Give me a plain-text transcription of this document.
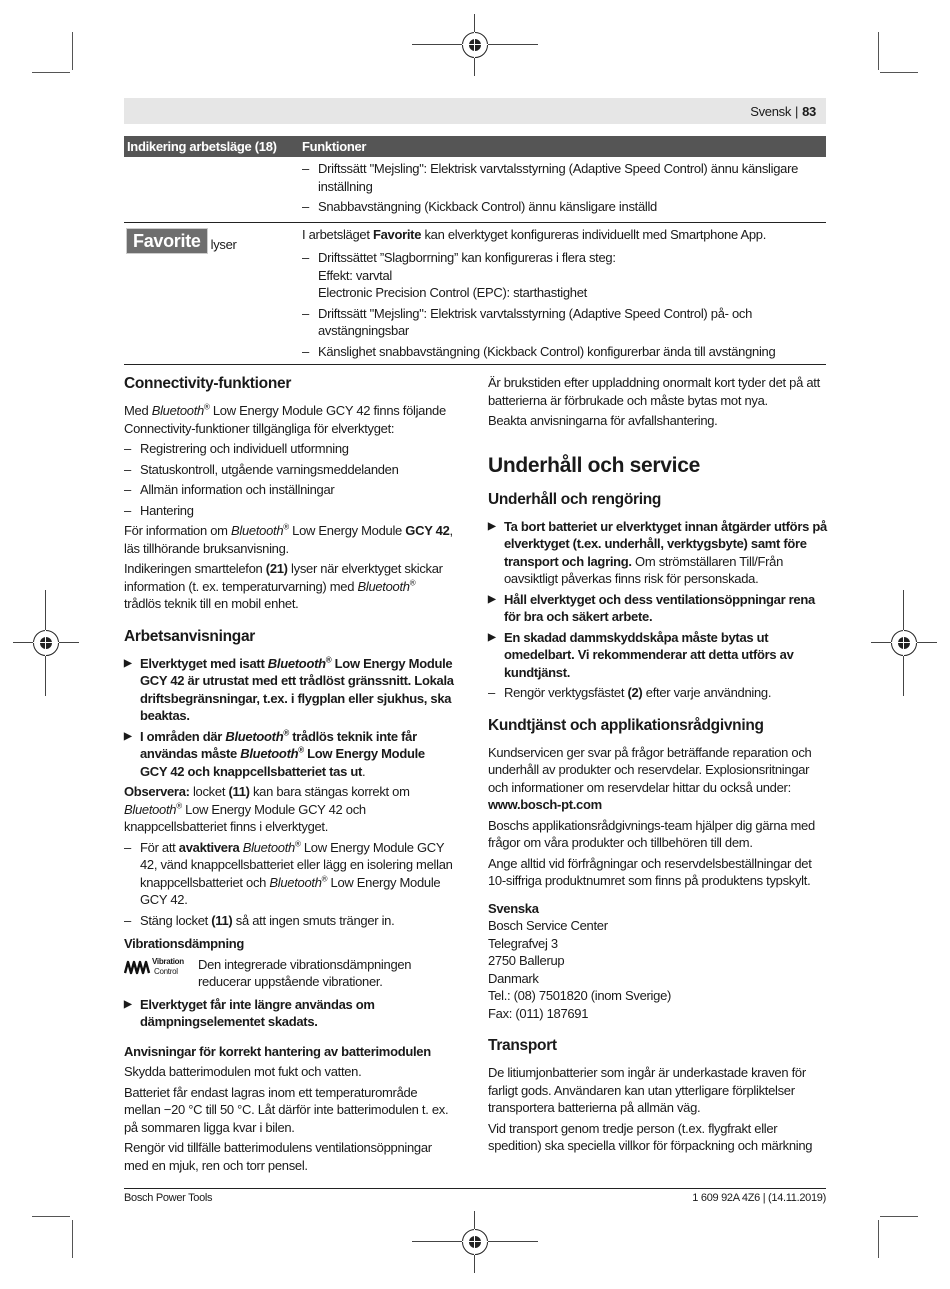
Svensk | 83
Indikering arbetsläge (18)	Funktioner
– Driftssätt "Mejsling": Elektrisk varvtalsstyrning (Adaptive Speed Control) ännu känsligare inställning
– Snabbavstängning (Kickback Control) ännu känsligare inställd
Favorite lyser

I arbetsläget Favorite kan elverktyget konfigureras individuellt med Smartphone App.

– Driftssättet ”Slagborrning” kan konfigureras i flera steg:
Effekt: varvtal
Electronic Precision Control (EPC): starthastighet
– Driftssätt "Mejsling": Elektrisk varvtalsstyrning (Adaptive Speed Control) på- och avstängningsbar
– Känslighet snabbavstängning (Kickback Control) konfigurerbar ända till avstängning
Connectivity-funktioner

Med Bluetooth® Low Energy Module GCY 42 finns följande Connectivity-funktioner tillgängliga för elverktyget:

– Registrering och individuell utformning
– Statuskontroll, utgående varningsmeddelanden
– Allmän information och inställningar
– Hantering

För information om Bluetooth® Low Energy Module GCY 42, läs tillhörande bruksanvisning.

Indikeringen smarttelefon (21) lyser när elverktyget skickar information (t. ex. temperaturvarning) med Bluetooth® trådlös teknik till en mobil enhet.

Arbetsanvisningar
▶ Elverktyget med isatt Bluetooth® Low Energy Module GCY 42 är utrustat med ett trådlöst gränssnitt. Lokala driftsbegränsningar, t.ex. i flygplan eller sjukhus, ska beaktas.
▶ I områden där Bluetooth® trådlös teknik inte får användas måste Bluetooth® Low Energy Module GCY 42 och knappcellsbatteriet tas ut.

Observera: locket (11) kan bara stängas korrekt om Bluetooth® Low Energy Module GCY 42 och knappcellsbatteriet finns i elverktyget.

– För att avaktivera Bluetooth® Low Energy Module GCY 42, vänd knappcellsbatteriet eller lägg en isolering mellan knappcellsbatteriet och Bluetooth® Low Energy Module GCY 42.
– Stäng locket (11) så att ingen smuts tränger in.
Vibrationsdämpning
Vibration
Control Den integrerade vibrationsdämpningen reducerar uppstående vibrationer.
▶ Elverktyget får inte längre användas om dämpningselementet skadats.
Anvisningar för korrekt hantering av batterimodulen

Skydda batterimodulen mot fukt och vatten.

Batteriet får endast lagras inom ett temperaturområde mellan −20 °C till 50 °C. Låt därför inte batterimodulen t. ex. på sommaren ligga kvar i bilen.

Rengör vid tillfälle batterimodulens ventilationsöppningar med en mjuk, ren och torr pensel.

Är brukstiden efter uppladdning onormalt kort tyder det på att batterierna är förbrukade och måste bytas mot nya.

Beakta anvisningarna för avfallshantering.

Underhåll och service
Underhåll och rengöring
▶ Ta bort batteriet ur elverktyget innan åtgärder utförs på elverktyget (t.ex. underhåll, verktygsbyte) samt före transport och lagring. Om strömställaren Till/Från oavsiktligt påverkas finns risk för personskada.
▶ Håll elverktyget och dess ventilationsöppningar rena för bra och säkert arbete.
▶ En skadad dammskyddskåpa måste bytas ut omedelbart. Vi rekommenderar att detta utförs av kundtjänst.
– Rengör verktygsfästet (2) efter varje användning.
Kundtjänst och applikationsrådgivning

Kundservicen ger svar på frågor beträffande reparation och underhåll av produkter och reservdelar. Explosionsritningar och informationer om reservdelar hittar du också under:
www.bosch-pt.com

Boschs applikationsrådgivnings-team hjälper dig gärna med frågor om våra produkter och tillbehören till dem.

Ange alltid vid förfrågningar och reservdelsbeställningar det 10-siffriga produktnumret som finns på produktens typskylt.

Svenska

Bosch Service Center
Telegrafvej 3
2750 Ballerup
Danmark
Tel.: (08) 7501820 (inom Sverige)
Fax: (011) 187691

Transport

De litiumjonbatterier som ingår är underkastade kraven för farligt gods. Användaren kan utan ytterligare förpliktelser transportera batterierna på allmän väg.

Vid transport genom tredje person (t.ex. flygfrakt eller spedition) ska speciella villkor för förpackning och märkning

Bosch Power Tools	1 609 92A 4Z6 | (14.11.2019)
